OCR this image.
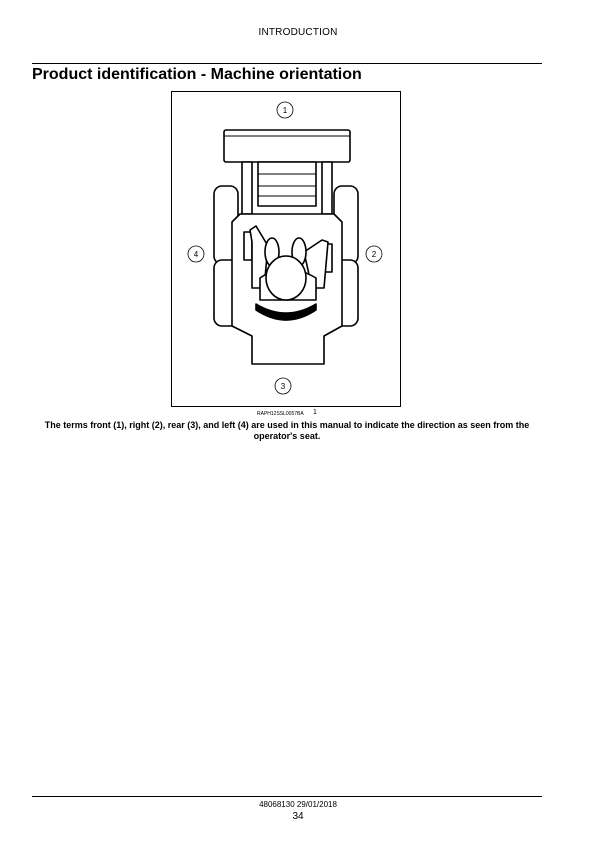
INTRODUCTION
Product identification - Machine orientation
1
2
3
4
RAPH12SSL0057BA 1

The terms front (1), right (2), rear (3), and left (4) are used in this manual to indicate the direction as seen from the operator's seat.

48068130 29/01/2018
34
